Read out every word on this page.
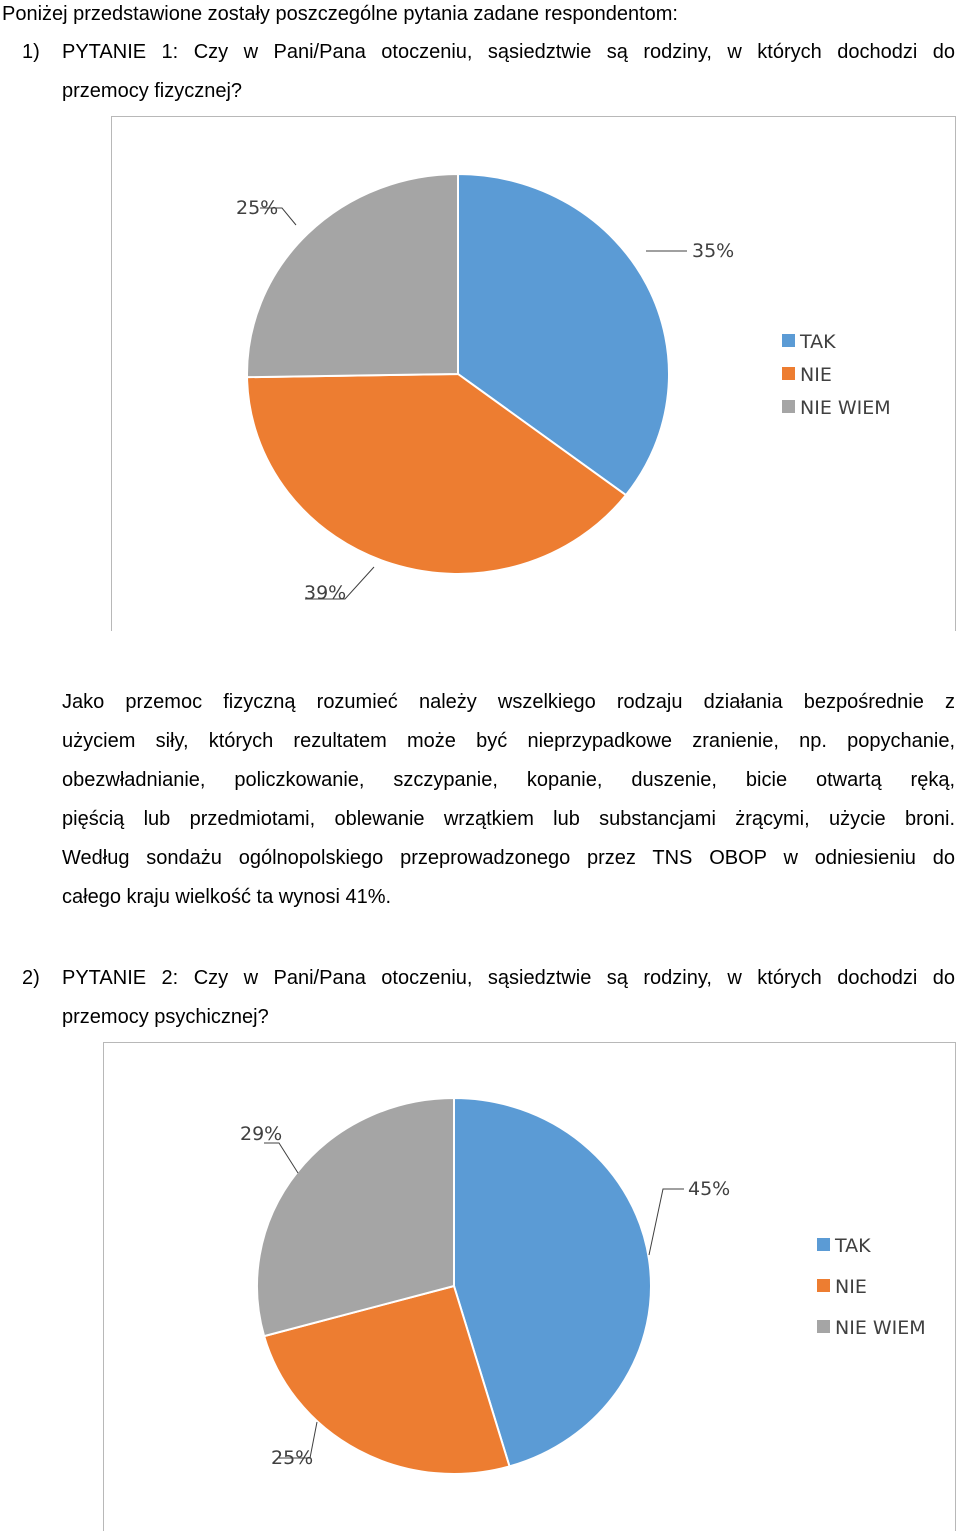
Poniżej przedstawione zostały poszczególne pytania zadane respondentom:
1) PYTANIE 1: Czy w Pani/Pana otoczeniu, sąsiedztwie są rodziny, w których dochodzi do
przemocy fizycznej?
35%
39%
25%
TAK
NIE
NIE WIEM
Jako przemoc fizyczną rozumieć należy wszelkiego rodzaju działania bezpośrednie z
użyciem siły, których rezultatem może być nieprzypadkowe zranienie, np. popychanie,
obezwładnianie, policzkowanie, szczypanie, kopanie, duszenie, bicie otwartą ręką,
pięścią lub przedmiotami, oblewanie wrzątkiem lub substancjami żrącymi, użycie broni.
Według sondażu ogólnopolskiego przeprowadzonego przez TNS OBOP w odniesieniu do
całego kraju wielkość ta wynosi 41%.
2) PYTANIE 2: Czy w Pani/Pana otoczeniu, sąsiedztwie są rodziny, w których dochodzi do
przemocy psychicznej?
45%
25%
29%
TAK
NIE
NIE WIEM
